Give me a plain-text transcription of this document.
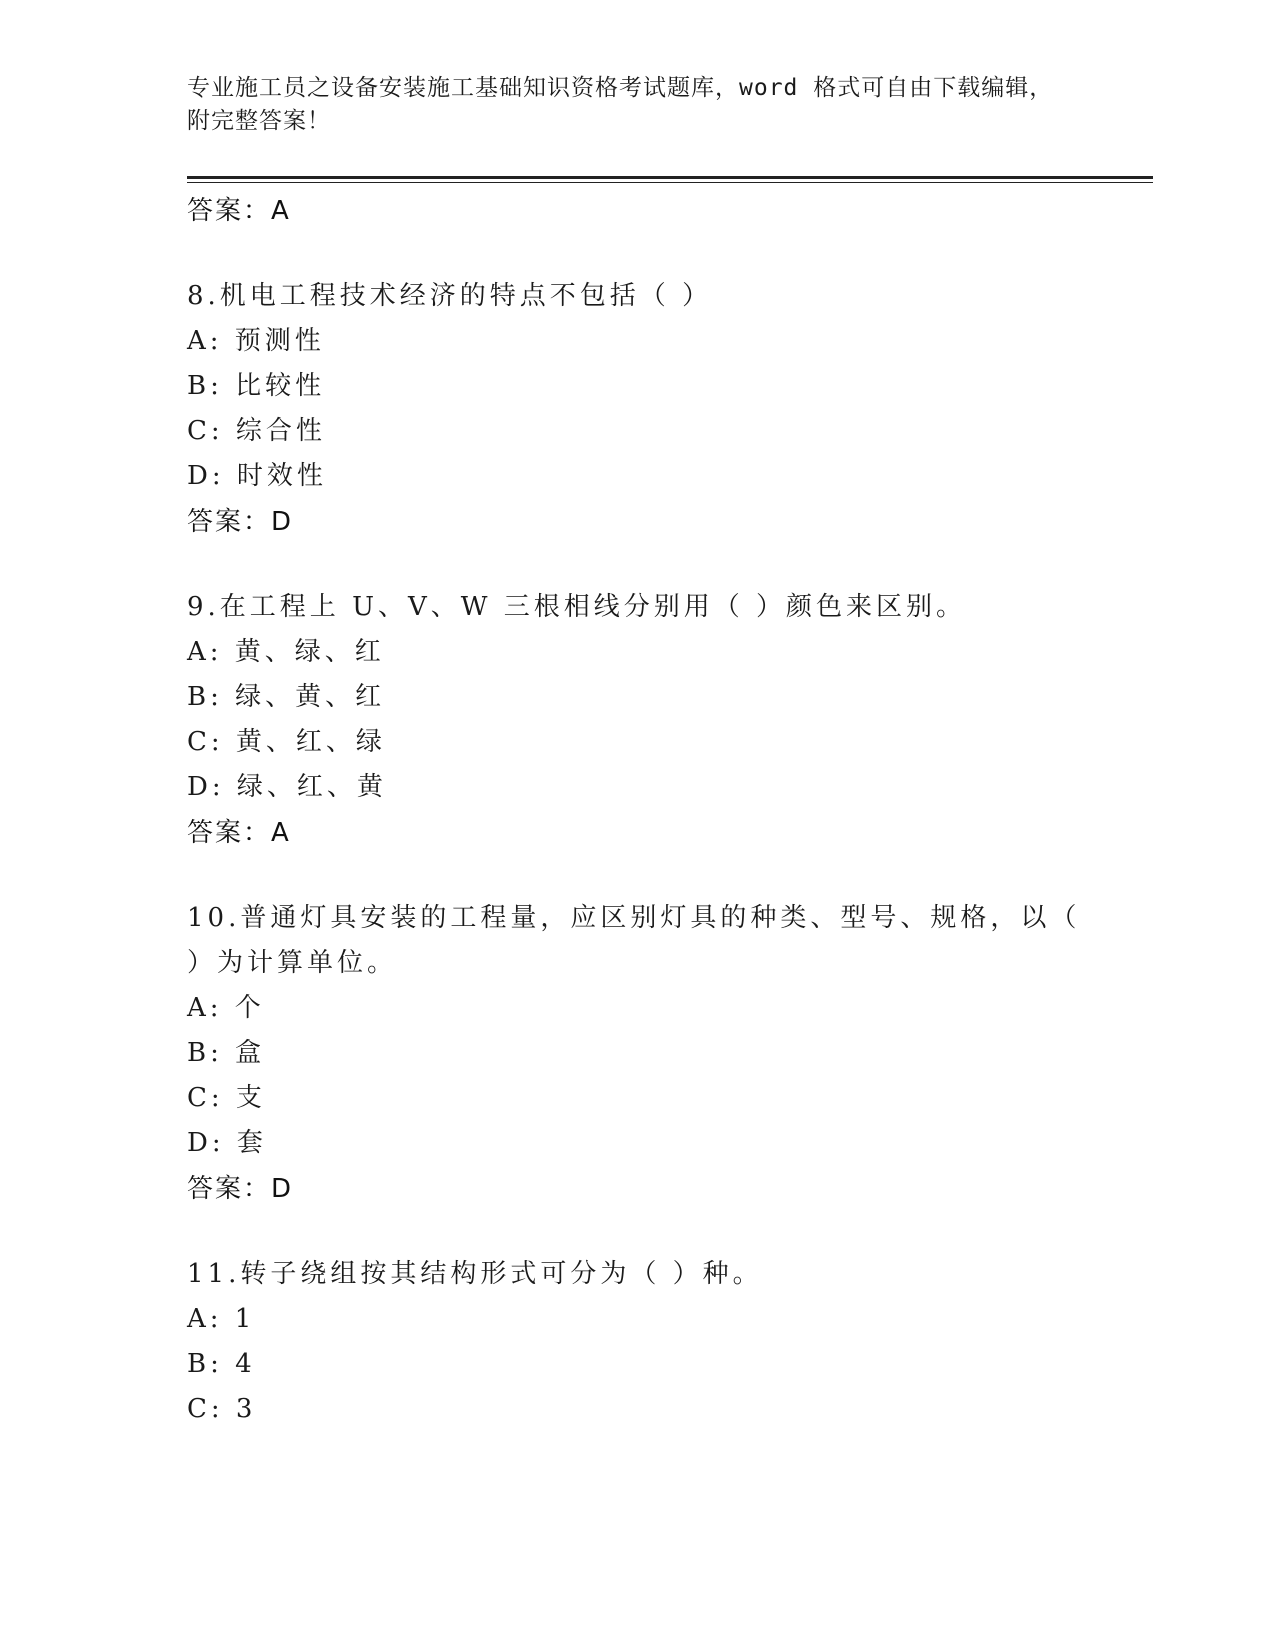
专业施工员之设备安装施工基础知识资格考试题库，word 格式可自由下载编辑，
附完整答案！
答案：A
8.机电工程技术经济的特点不包括（ ）
A: 预测性
B: 比较性
C: 综合性
D: 时效性
答案：D
9.在工程上 U、V、W 三根相线分别用（ ）颜色来区别。
A: 黄、绿、红
B: 绿、黄、红
C: 黄、红、绿
D: 绿、红、黄
答案：A
10.普通灯具安装的工程量，应区别灯具的种类、型号、规格，以（ ）为计算单位。
A: 个
B: 盒
C: 支
D: 套
答案：D
11.转子绕组按其结构形式可分为（ ）种。
A: 1
B: 4
C: 3
